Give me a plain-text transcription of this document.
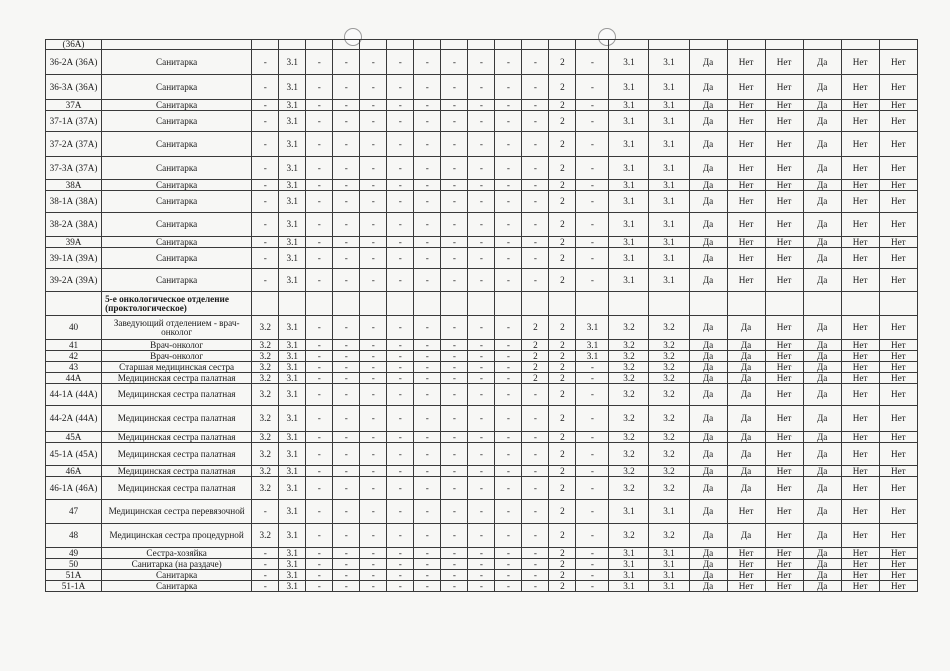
(36А)																						
36-2А (36А)	Санитарка	-	3.1	-	-	-	-	-	-	-	-	-	2	-	3.1	3.1	Да	Нет	Нет	Да	Нет	Нет
36-3А (36А)	Санитарка	-	3.1	-	-	-	-	-	-	-	-	-	2	-	3.1	3.1	Да	Нет	Нет	Да	Нет	Нет
37А	Санитарка	-	3.1	-	-	-	-	-	-	-	-	-	2	-	3.1	3.1	Да	Нет	Нет	Да	Нет	Нет
37-1А (37А)	Санитарка	-	3.1	-	-	-	-	-	-	-	-	-	2	-	3.1	3.1	Да	Нет	Нет	Да	Нет	Нет
37-2А (37А)	Санитарка	-	3.1	-	-	-	-	-	-	-	-	-	2	-	3.1	3.1	Да	Нет	Нет	Да	Нет	Нет
37-3А (37А)	Санитарка	-	3.1	-	-	-	-	-	-	-	-	-	2	-	3.1	3.1	Да	Нет	Нет	Да	Нет	Нет
38А	Санитарка	-	3.1	-	-	-	-	-	-	-	-	-	2	-	3.1	3.1	Да	Нет	Нет	Да	Нет	Нет
38-1А (38А)	Санитарка	-	3.1	-	-	-	-	-	-	-	-	-	2	-	3.1	3.1	Да	Нет	Нет	Да	Нет	Нет
38-2А (38А)	Санитарка	-	3.1	-	-	-	-	-	-	-	-	-	2	-	3.1	3.1	Да	Нет	Нет	Да	Нет	Нет
39А	Санитарка	-	3.1	-	-	-	-	-	-	-	-	-	2	-	3.1	3.1	Да	Нет	Нет	Да	Нет	Нет
39-1А (39А)	Санитарка	-	3.1	-	-	-	-	-	-	-	-	-	2	-	3.1	3.1	Да	Нет	Нет	Да	Нет	Нет
39-2А (39А)	Санитарка	-	3.1	-	-	-	-	-	-	-	-	-	2	-	3.1	3.1	Да	Нет	Нет	Да	Нет	Нет
	5-е онкологическое отделение (проктологическое)																					
40	Заведующий отделением - врач-онколог	3.2	3.1	-	-	-	-	-	-	-	-	2	2	3.1	3.2	3.2	Да	Да	Нет	Да	Нет	Нет
41	Врач-онколог	3.2	3.1	-	-	-	-	-	-	-	-	2	2	3.1	3.2	3.2	Да	Да	Нет	Да	Нет	Нет
42	Врач-онколог	3.2	3.1	-	-	-	-	-	-	-	-	2	2	3.1	3.2	3.2	Да	Да	Нет	Да	Нет	Нет
43	Старшая медицинская сестра	3.2	3.1	-	-	-	-	-	-	-	-	2	2	-	3.2	3.2	Да	Да	Нет	Да	Нет	Нет
44А	Медицинская сестра палатная	3.2	3.1	-	-	-	-	-	-	-	-	2	2	-	3.2	3.2	Да	Да	Нет	Да	Нет	Нет
44-1А (44А)	Медицинская сестра палатная	3.2	3.1	-	-	-	-	-	-	-	-	-	2	-	3.2	3.2	Да	Да	Нет	Да	Нет	Нет
44-2А (44А)	Медицинская сестра палатная	3.2	3.1	-	-	-	-	-	-	-	-	-	2	-	3.2	3.2	Да	Да	Нет	Да	Нет	Нет
45А	Медицинская сестра палатная	3.2	3.1	-	-	-	-	-	-	-	-	-	2	-	3.2	3.2	Да	Да	Нет	Да	Нет	Нет
45-1А (45А)	Медицинская сестра палатная	3.2	3.1	-	-	-	-	-	-	-	-	-	2	-	3.2	3.2	Да	Да	Нет	Да	Нет	Нет
46А	Медицинская сестра палатная	3.2	3.1	-	-	-	-	-	-	-	-	-	2	-	3.2	3.2	Да	Да	Нет	Да	Нет	Нет
46-1А (46А)	Медицинская сестра палатная	3.2	3.1	-	-	-	-	-	-	-	-	-	2	-	3.2	3.2	Да	Да	Нет	Да	Нет	Нет
47	Медицинская сестра перевязочной	-	3.1	-	-	-	-	-	-	-	-	-	2	-	3.1	3.1	Да	Нет	Нет	Да	Нет	Нет
48	Медицинская сестра процедурной	3.2	3.1	-	-	-	-	-	-	-	-	-	2	-	3.2	3.2	Да	Да	Нет	Да	Нет	Нет
49	Сестра-хозяйка	-	3.1	-	-	-	-	-	-	-	-	-	2	-	3.1	3.1	Да	Нет	Нет	Да	Нет	Нет
50	Санитарка (на раздаче)	-	3.1	-	-	-	-	-	-	-	-	-	2	-	3.1	3.1	Да	Нет	Нет	Да	Нет	Нет
51А	Санитарка	-	3.1	-	-	-	-	-	-	-	-	-	2	-	3.1	3.1	Да	Нет	Нет	Да	Нет	Нет
51-1А	Санитарка	-	3.1	-	-	-	-	-	-	-	-	-	2	-	3.1	3.1	Да	Нет	Нет	Да	Нет	Нет
